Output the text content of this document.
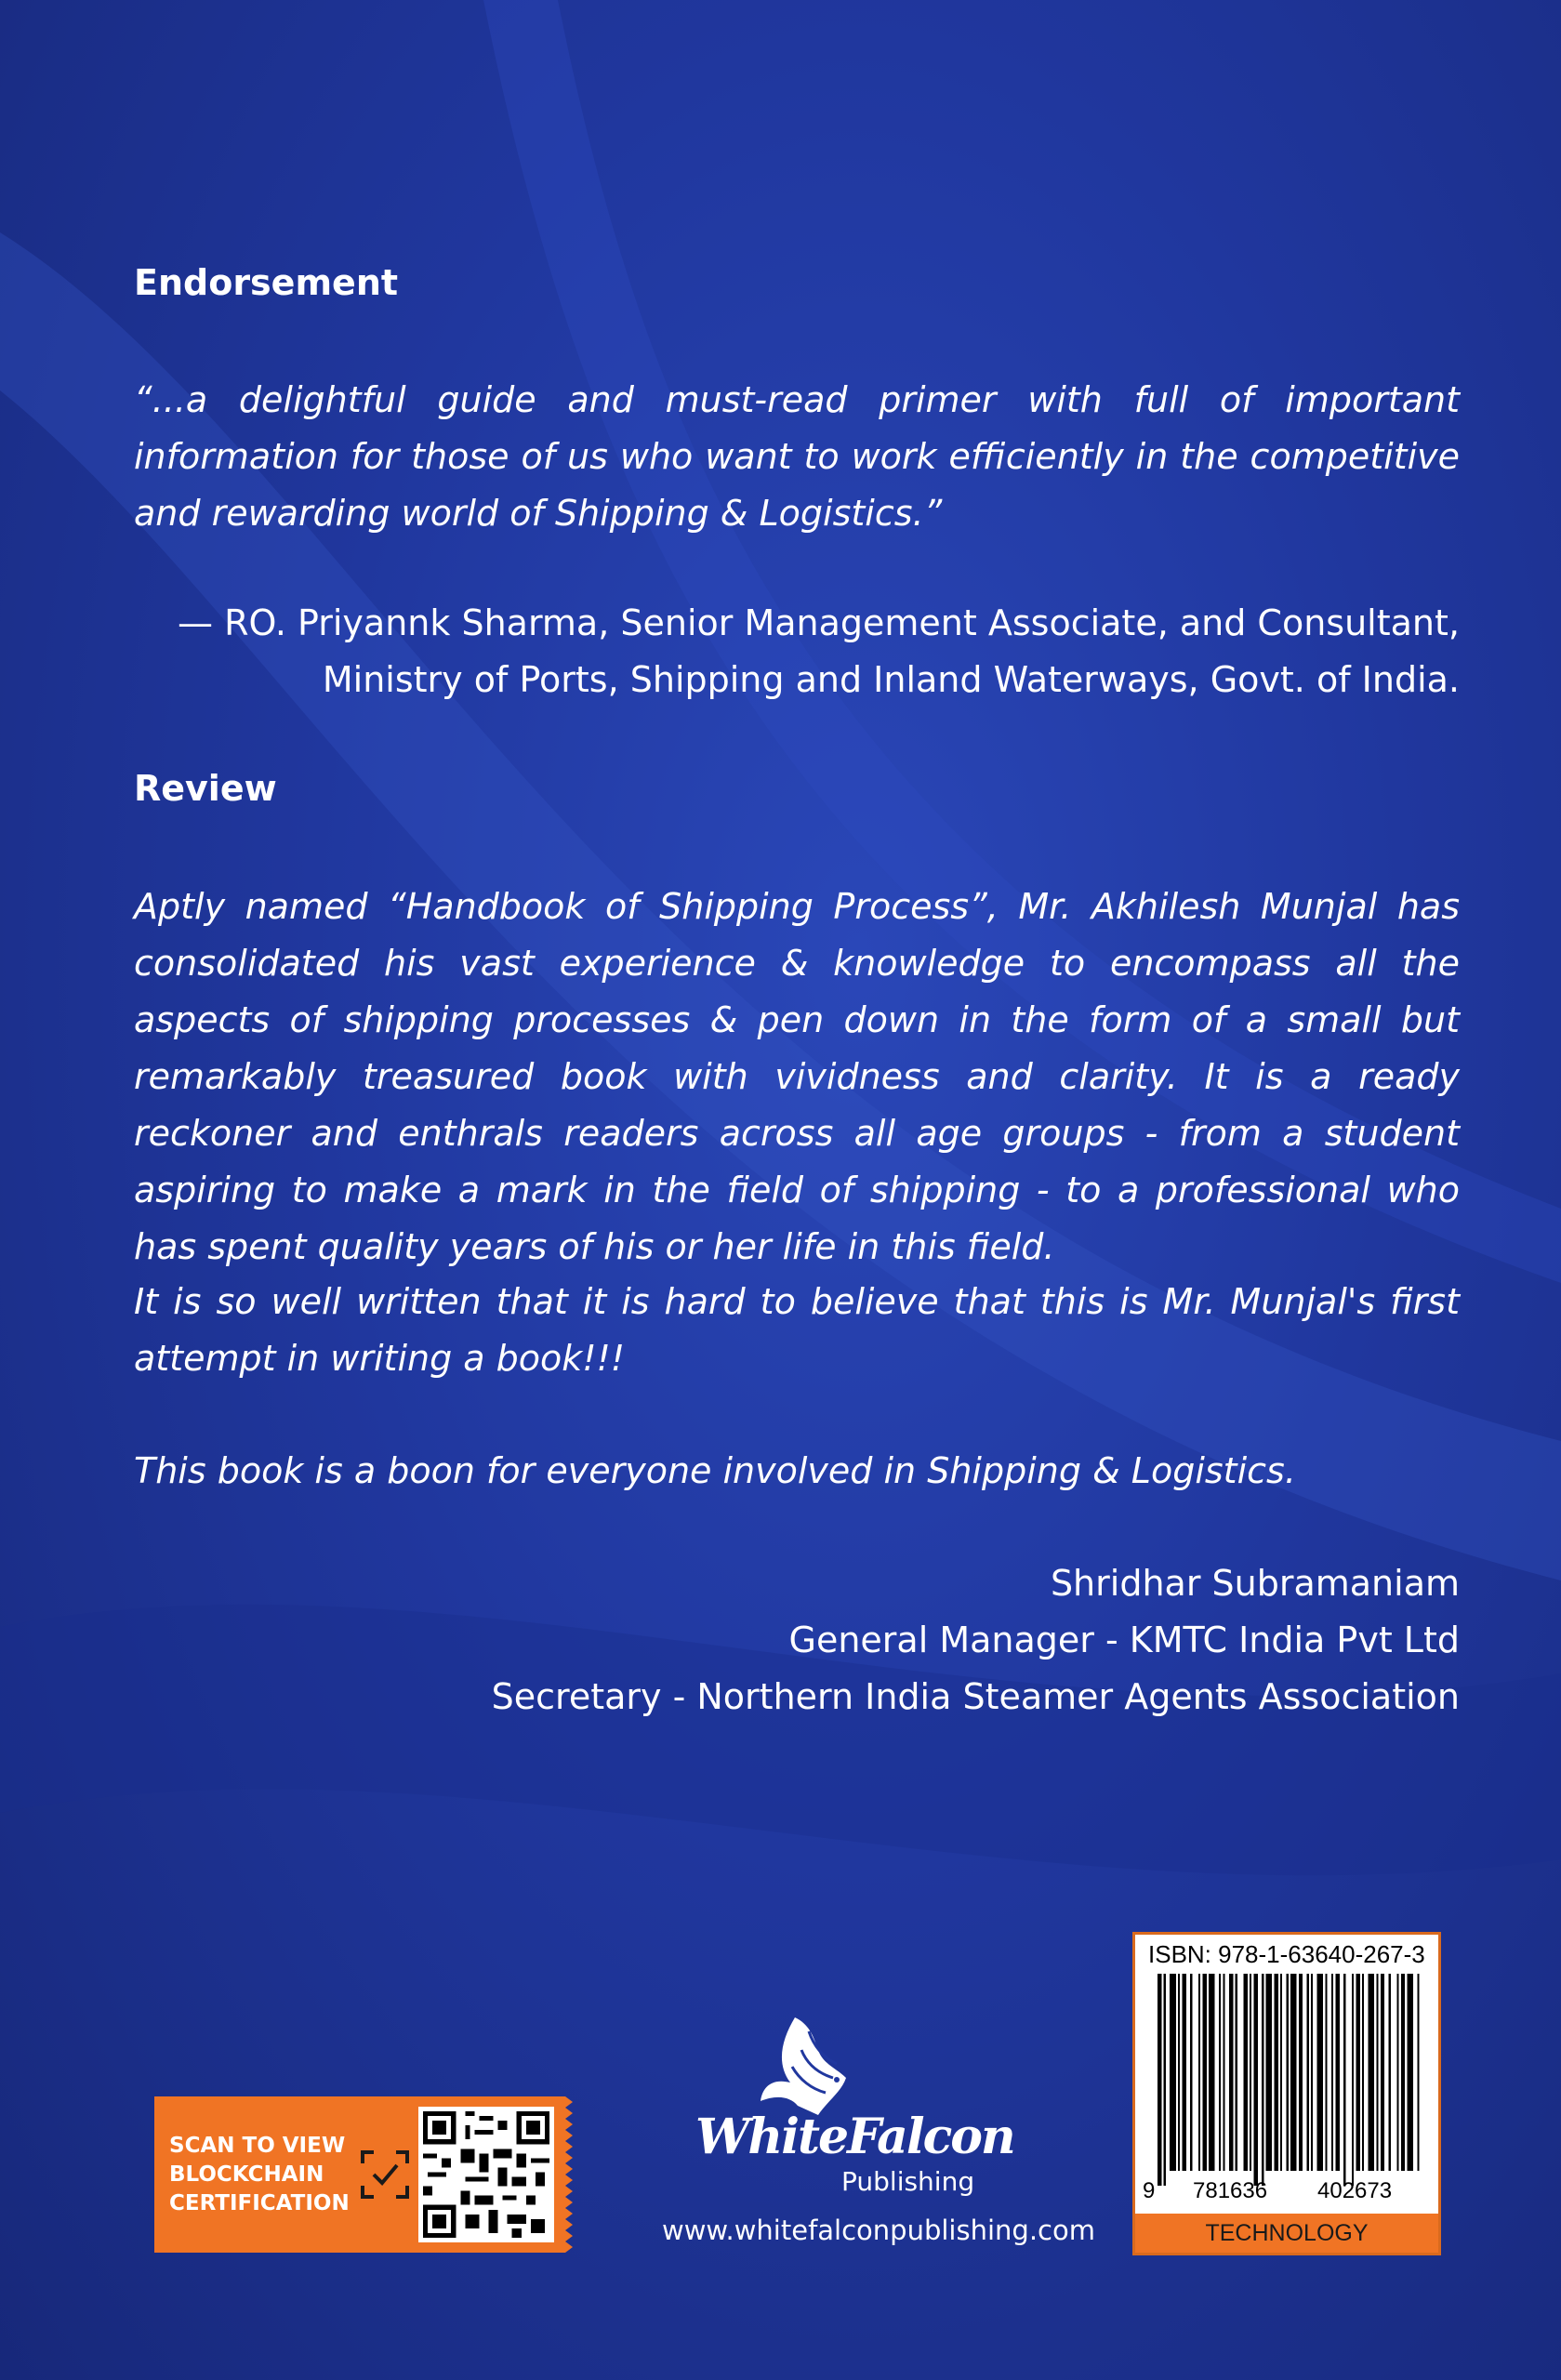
Endorsement

“...a delightful guide and must-read primer with full of important information for those of us who want to work efficiently in the competitive and rewarding world of Shipping & Logistics.”

— RO. Priyannk Sharma, Senior Management Associate, and Consultant,

Ministry of Ports, Shipping and Inland Waterways, Govt. of India.

Review

Aptly named “Handbook of Shipping Process”, Mr. Akhilesh Munjal has consolidated his vast experience & knowledge to encompass all the aspects of shipping processes & pen down in the form of a small but remarkably treasured book with vividness and clarity. It is a ready reckoner and enthrals readers across all age groups - from a student aspiring to make a mark in the field of shipping - to a professional who has spent quality years of his or her life in this field.

It is so well written that it is hard to believe that this is Mr. Munjal's first attempt in writing a book!!!

This book is a boon for everyone involved in Shipping & Logistics.

Shridhar Subramaniam

General Manager - KMTC India Pvt Ltd

Secretary - Northern India Steamer Agents Association

SCAN TO VIEW
BLOCKCHAIN
CERTIFICATION
WhiteFalcon
Publishing
www.whitefalconpublishing.com
ISBN: 978-1-63640-267-3
9 781636 402673
TECHNOLOGY
